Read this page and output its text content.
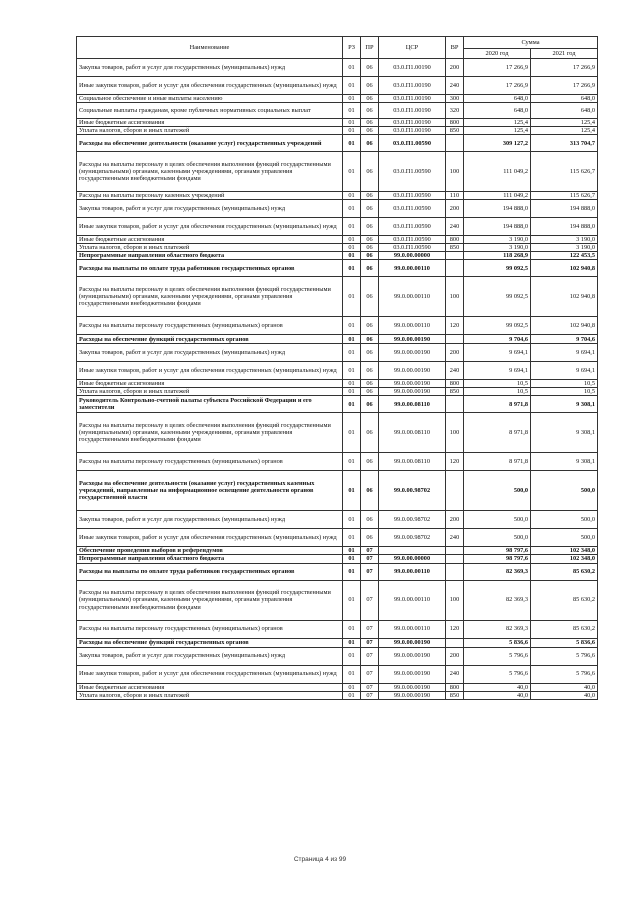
Наименование	РЗ	ПР	ЦСР	ВР	Сумма	
					2020 год	2021 год
Закупка товаров, работ и услуг для государственных (муниципальных) нужд	01	06	03.0.П1.00190	200	17 266,9	17 266,9
Иные закупки товаров, работ и услуг для обеспечения государственных (муниципальных) нужд	01	06	03.0.П1.00190	240	17 266,9	17 266,9
Социальное обеспечение и иные выплаты населению	01	06	03.0.П1.00190	300	648,0	648,0
Социальные выплаты гражданам, кроме публичных нормативных социальных выплат	01	06	03.0.П1.00190	320	648,0	648,0
Иные бюджетные ассигнования	01	06	03.0.П1.00190	800	125,4	125,4
Уплата налогов, сборов и иных платежей	01	06	03.0.П1.00190	850	125,4	125,4
Расходы на обеспечение деятельности (оказание услуг) государственных учреждений	01	06	03.0.П1.00590		309 127,2	313 704,7
Расходы на выплаты персоналу в целях обеспечения выполнения функций государственными (муниципальными) органами, казенными учреждениями, органами управления государственными внебюджетными фондами	01	06	03.0.П1.00590	100	111 049,2	115 626,7
Расходы на выплаты персоналу казенных учреждений	01	06	03.0.П1.00590	110	111 049,2	115 626,7
Закупка товаров, работ и услуг для государственных (муниципальных) нужд	01	06	03.0.П1.00590	200	194 888,0	194 888,0
Иные закупки товаров, работ и услуг для обеспечения государственных (муниципальных) нужд	01	06	03.0.П1.00590	240	194 888,0	194 888,0
Иные бюджетные ассигнования	01	06	03.0.П1.00590	800	3 190,0	3 190,0
Уплата налогов, сборов и иных платежей	01	06	03.0.П1.00590	850	3 190,0	3 190,0
Непрограммные направления областного бюджета	01	06	99.0.00.00000		118 268,9	122 453,5
Расходы на выплаты по оплате труда работников государственных органов	01	06	99.0.00.00110		99 092,5	102 940,8
Расходы на выплаты персоналу в целях обеспечения выполнения функций государственными (муниципальными) органами, казенными учреждениями, органами управления государственными внебюджетными фондами	01	06	99.0.00.00110	100	99 092,5	102 940,8
Расходы на выплаты персоналу государственных (муниципальных) органов	01	06	99.0.00.00110	120	99 092,5	102 940,8
Расходы на обеспечение функций государственных органов	01	06	99.0.00.00190		9 704,6	9 704,6
Закупка товаров, работ и услуг для государственных (муниципальных) нужд	01	06	99.0.00.00190	200	9 694,1	9 694,1
Иные закупки товаров, работ и услуг для обеспечения государственных (муниципальных) нужд	01	06	99.0.00.00190	240	9 694,1	9 694,1
Иные бюджетные ассигнования	01	06	99.0.00.00190	800	10,5	10,5
Уплата налогов, сборов и иных платежей	01	06	99.0.00.00190	850	10,5	10,5
Руководитель Контрольно-счетной палаты субъекта Российской Федерации и его заместители	01	06	99.0.00.08110		8 971,8	9 308,1
Расходы на выплаты персоналу в целях обеспечения выполнения функций государственными (муниципальными) органами, казенными учреждениями, органами управления государственными внебюджетными фондами	01	06	99.0.00.08110	100	8 971,8	9 308,1
Расходы на выплаты персоналу государственных (муниципальных) органов	01	06	99.0.00.08110	120	8 971,8	9 308,1
Расходы на обеспечение деятельности (оказание услуг) государственных казенных учреждений, направленные на информационное освещение деятельности органов государственной власти	01	06	99.0.00.98702		500,0	500,0
Закупка товаров, работ и услуг для государственных (муниципальных) нужд	01	06	99.0.00.98702	200	500,0	500,0
Иные закупки товаров, работ и услуг для обеспечения государственных (муниципальных) нужд	01	06	99.0.00.98702	240	500,0	500,0
Обеспечение проведения выборов и референдумов	01	07			98 797,6	102 348,0
Непрограммные направления областного бюджета	01	07	99.0.00.00000		98 797,6	102 348,0
Расходы на выплаты по оплате труда работников государственных органов	01	07	99.0.00.00110		82 369,3	85 630,2
Расходы на выплаты персоналу в целях обеспечения выполнения функций государственными (муниципальными) органами, казенными учреждениями, органами управления государственными внебюджетными фондами	01	07	99.0.00.00110	100	82 369,3	85 630,2
Расходы на выплаты персоналу государственных (муниципальных) органов	01	07	99.0.00.00110	120	82 369,3	85 630,2
Расходы на обеспечение функций государственных органов	01	07	99.0.00.00190		5 836,6	5 836,6
Закупка товаров, работ и услуг для государственных (муниципальных) нужд	01	07	99.0.00.00190	200	5 796,6	5 796,6
Иные закупки товаров, работ и услуг для обеспечения государственных (муниципальных) нужд	01	07	99.0.00.00190	240	5 796,6	5 796,6
Иные бюджетные ассигнования	01	07	99.0.00.00190	800	40,0	40,0
Уплата налогов, сборов и иных платежей	01	07	99.0.00.00190	850	40,0	40,0
Страница 4 из 99
